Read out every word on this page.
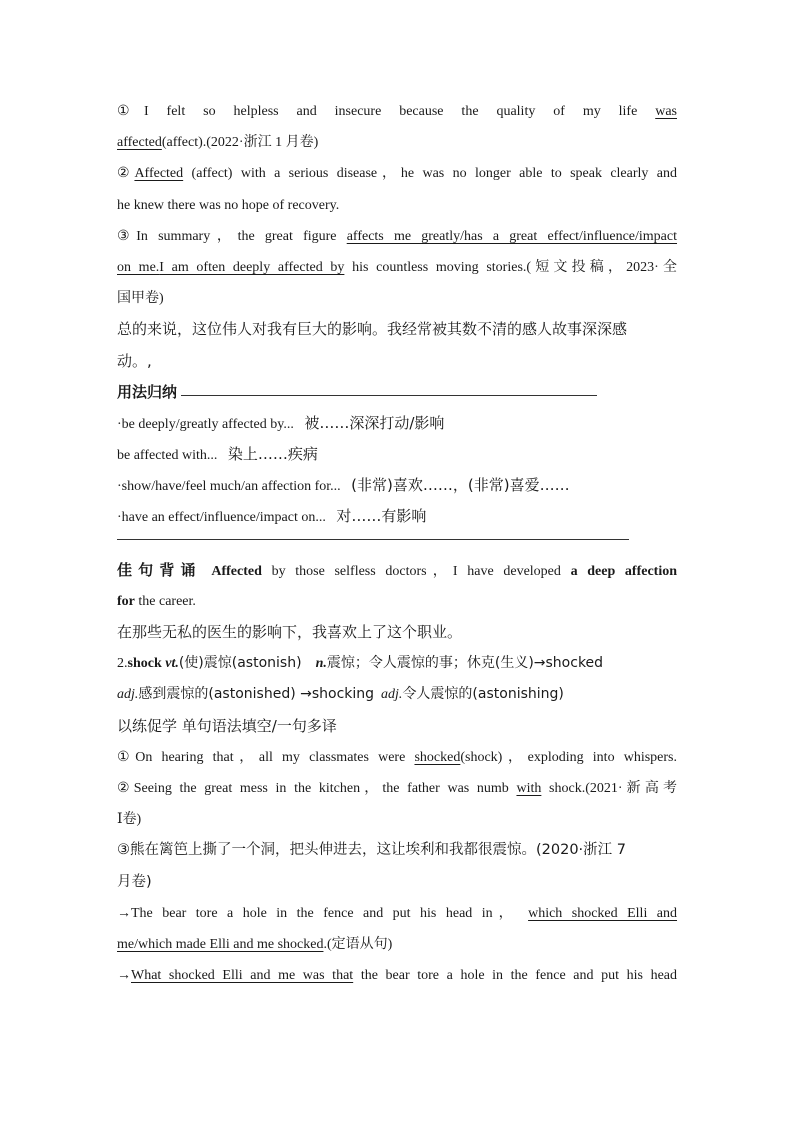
①I felt so helpless and insecure because the quality of my life was
affected(affect).(2022·浙江 1 月卷)
②Affected (affect) with a serious disease，he was no longer able to speak clearly and
he knew there was no hope of recovery.
③In summary，the great figure affects me greatly/has a great effect/influence/impact
on me.I am often deeply affected by his countless moving stories.(短文投稿，2023·全
国甲卷)
总的来说，这位伟人对我有巨大的影响。我经常被其数不清的感人故事深深感
动。,
用法归纳
·be deeply/greatly affected by... 被……深深打动/影响
be affected with... 染上……疾病
·show/have/feel much/an affection for... (非常)喜欢……，(非常)喜爱……
·have an effect/influence/impact on... 对……有影响
佳句背诵 Affected by those selfless doctors，I have developed a deep affection
for the career.
在那些无私的医生的影响下，我喜欢上了这个职业。
2.shock vt.(使)震惊(astonish) n.震惊；令人震惊的事；休克(生义)→shocked
adj.感到震惊的(astonished) →shocking adj.令人震惊的(astonishing)
以练促学 单句语法填空/一句多译
①On hearing that，all my classmates were shocked(shock)，exploding into whispers.
②Seeing the great mess in the kitchen，the father was numb with shock.(2021·新高考
Ⅰ卷)
③熊在篱笆上撕了一个洞，把头伸进去，这让埃利和我都很震惊。(2020·浙江 7
月卷)
→The bear tore a hole in the fence and put his head in， which shocked Elli and
me/which made Elli and me shocked.(定语从句)
→What shocked Elli and me was that the bear tore a hole in the fence and put his head
